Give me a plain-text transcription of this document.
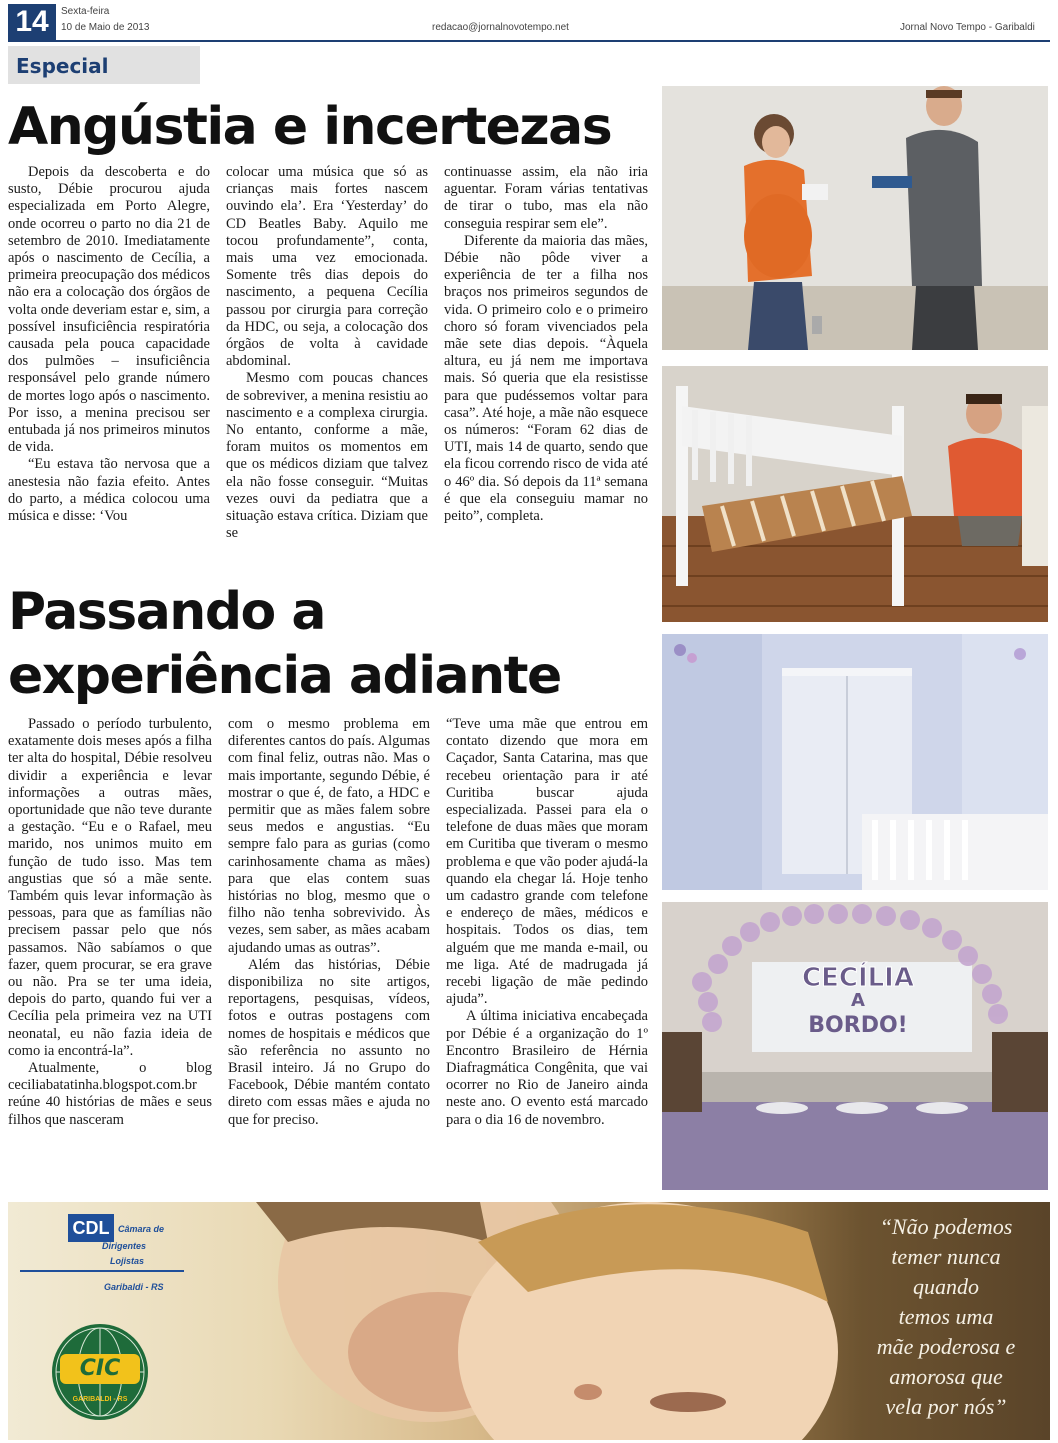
14	Sexta-feira
10 de Maio de 2013	redacao@jornalnovotempo.net	Jornal Novo Tempo - Garibaldi
Especial
Angústia e incertezas

Depois da descoberta e do susto, Débie procurou ajuda especializada em Porto Alegre, onde ocorreu o parto no dia 21 de setembro de 2010. Imediatamente após o nascimento de Cecília, a primeira preocupação dos médicos não era a colocação dos órgãos de volta onde deveriam estar e, sim, a possível insuficiência respiratória causada pela pouca capacidade dos pulmões – insuficiência responsável pelo grande número de mortes logo após o nascimento. Por isso, a menina precisou ser entubada já nos primeiros minutos de vida.

“Eu estava tão nervosa que a anestesia não fazia efeito. Antes do parto, a médica colocou uma música e disse: ‘Vou

colocar uma música que só as crianças mais fortes nascem ouvindo ela’. Era ‘Yesterday’ do CD Beatles Baby. Aquilo me tocou profundamente”, conta, mais uma vez emocionada. Somente três dias depois do nascimento, a pequena Cecília passou por cirurgia para correção da HDC, ou seja, a colocação dos órgãos de volta à cavidade abdominal.

Mesmo com poucas chances de sobreviver, a menina resistiu ao nascimento e a complexa cirurgia. No entanto, conforme a mãe, foram muitos os momentos em que os médicos diziam que talvez ela não fosse conseguir. “Muitas vezes ouvi da pediatra que a situação estava crítica. Diziam que se

continuasse assim, ela não iria aguentar. Foram várias tentativas de tirar o tubo, mas ela não conseguia respirar sem ele”.

Diferente da maioria das mães, Débie não pôde viver a experiência de ter a filha nos braços nos primeiros segundos de vida. O primeiro colo e o primeiro choro só foram vivenciados pela mãe sete dias depois. “Àquela altura, eu já nem me importava mais. Só queria que ela resistisse para que pudéssemos voltar para casa”. Até hoje, a mãe não esquece os números: “Foram 62 dias de UTI, mais 14 de quarto, sendo que ela ficou correndo risco de vida até o 46º dia. Só depois da 11ª semana é que ela conseguiu mamar no peito”, completa.

Passando a experiência adiante

Passado o período turbulento, exatamente dois meses após a filha ter alta do hospital, Débie resolveu dividir a experiência e levar informações a outras mães, oportunidade que não teve durante a gestação. “Eu e o Rafael, meu marido, nos unimos muito em função de tudo isso. Mas tem angustias que só a mãe sente. Também quis levar informação às pessoas, para que as famílias não precisem passar pelo que nós passamos. Não sabíamos o que fazer, quem procurar, se era grave ou não. Pra se ter uma ideia, depois do parto, quando fui ver a Cecília pela primeira vez na UTI neonatal, eu não fazia ideia de como ia encontrá-la”.

Atualmente, o blog ceciliabatatinha.blogspot.com.br reúne 40 histórias de mães e seus filhos que nasceram

com o mesmo problema em diferentes cantos do país. Algumas com final feliz, outras não. Mas o mais importante, segundo Débie, é mostrar o que é, de fato, a HDC e permitir que as mães falem sobre seus medos e angustias. “Eu sempre falo para as gurias (como carinhosamente chama as mães) para que elas contem suas histórias no blog, mesmo que o filho não tenha sobrevivido. Às vezes, sem saber, as mães acabam ajudando umas as outras”.

Além das histórias, Débie disponibiliza no site artigos, reportagens, pesquisas, vídeos, fotos e outras postagens com nomes de hospitais e médicos que são referência no assunto no Brasil inteiro. Já no Grupo do Facebook, Débie mantém contato direto com essas mães e ajuda no que for preciso.

“Teve uma mãe que entrou em contato dizendo que mora em Caçador, Santa Catarina, mas que recebeu orientação para ir até Curitiba buscar ajuda especializada. Passei para ela o telefone de duas mães que moram em Curitiba que tiveram o mesmo problema e que vão poder ajudá-la quando ela chegar lá. Hoje tenho um cadastro grande com telefone e endereço de mães, médicos e hospitais. Todos os dias, tem alguém que me manda e-mail, ou me liga. Até de madrugada já recebi ligação de mãe pedindo ajuda”.

A última iniciativa encabeçada por Débie é a organização do 1º Encontro Brasileiro de Hérnia Diafragmática Congênita, que vai ocorrer no Rio de Janeiro ainda neste ano. O evento está marcado para o dia 16 de novembro.

CECÍLIA
A
BORDO!
CDL Câmara de
Dirigentes
Lojistas
Garibaldi - RS
CIC
GARIBALDI - RS
“Não podemos
temer nunca
quando
temos uma
mãe poderosa e
amorosa que
vela por nós”
